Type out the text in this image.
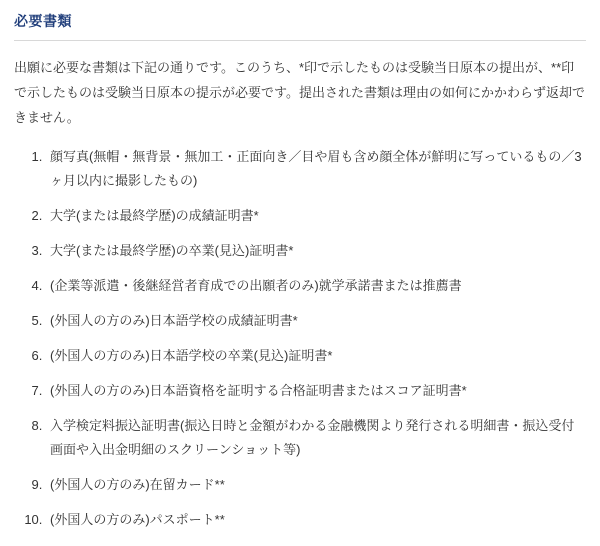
必要書類

出願に必要な書類は下記の通りです。このうち、*印で示したものは受験当日原本の提出が、**印で示したものは受験当日原本の提示が必要です。提出された書類は理由の如何にかかわらず返却できません。

1. 顔写真(無帽・無背景・無加工・正面向き／目や眉も含め顔全体が鮮明に写っているもの／3ヶ月以内に撮影したもの)
2. 大学(または最終学歴)の成績証明書*
3. 大学(または最終学歴)の卒業(見込)証明書*
4. (企業等派遣・後継経営者育成での出願者のみ)就学承諾書または推薦書
5. (外国人の方のみ)日本語学校の成績証明書*
6. (外国人の方のみ)日本語学校の卒業(見込)証明書*
7. (外国人の方のみ)日本語資格を証明する合格証明書またはスコア証明書*
8. 入学検定料振込証明書(振込日時と金額がわかる金融機関より発行される明細書・振込受付画面や入出金明細のスクリーンショット等)
9. (外国人の方のみ)在留カード**
10. (外国人の方のみ)パスポート**
